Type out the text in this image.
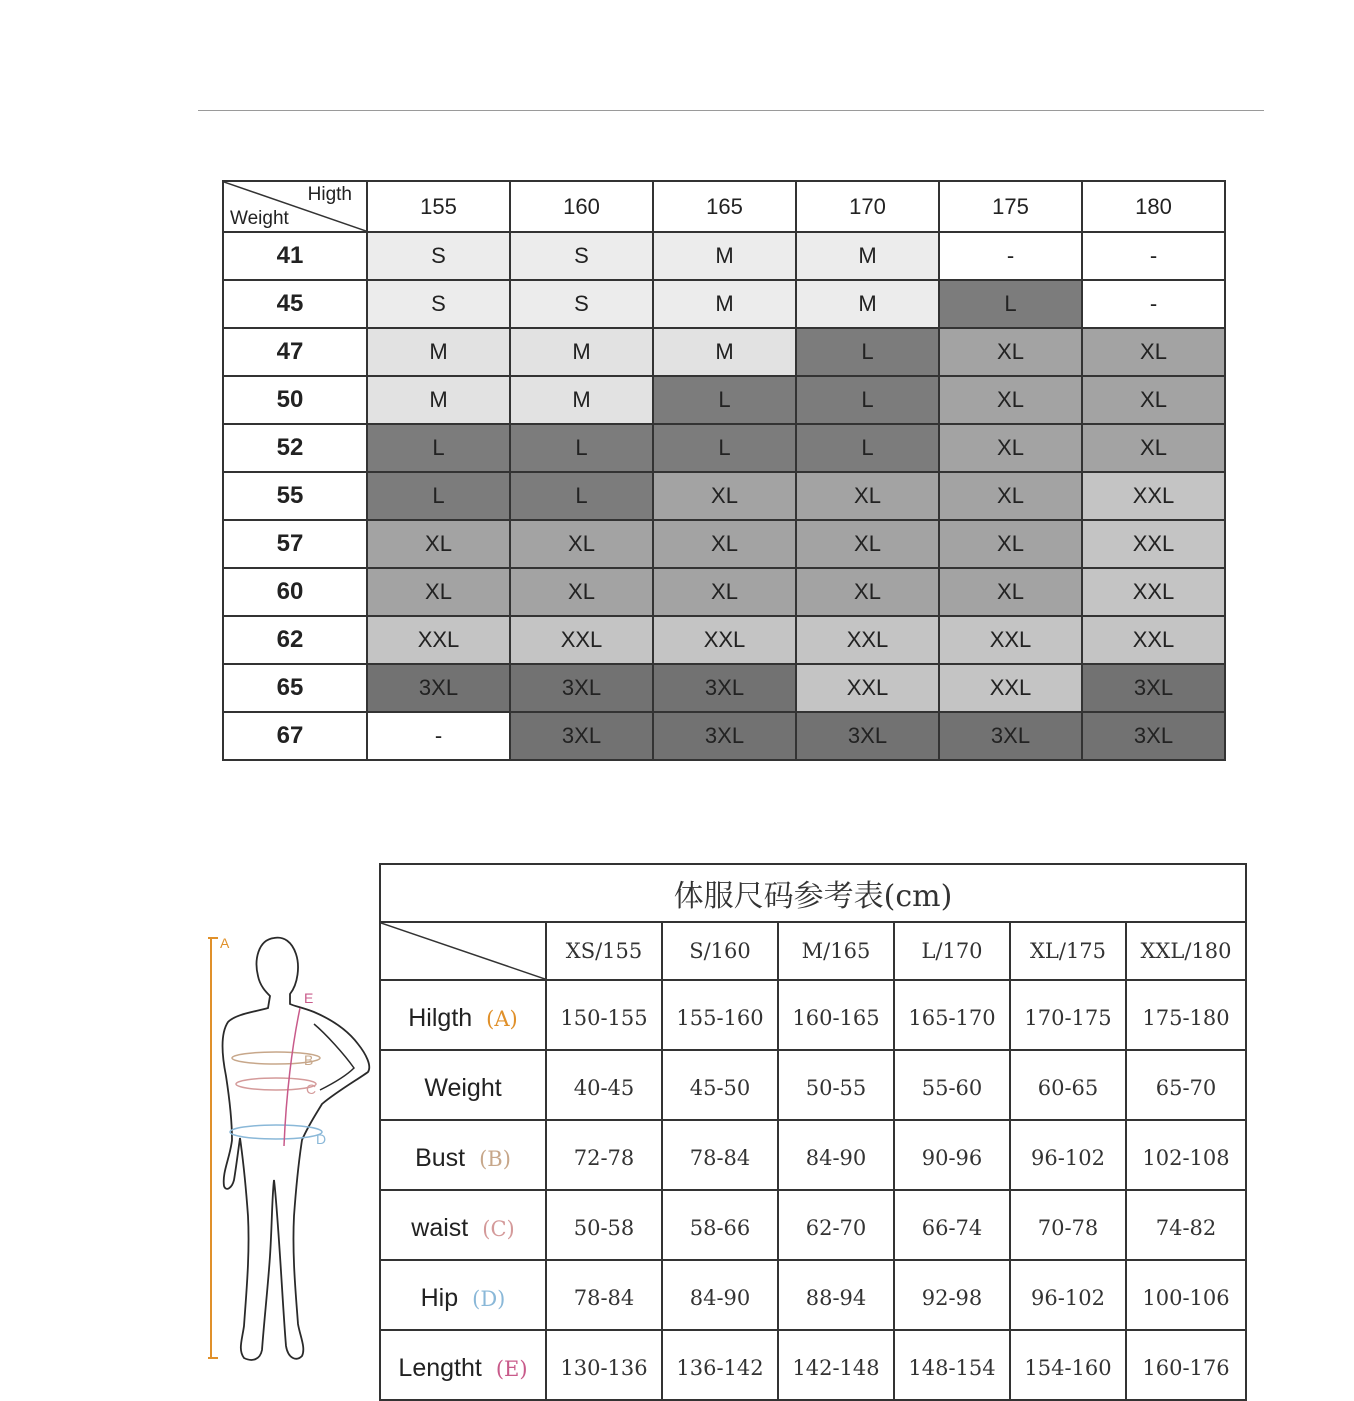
Higth
Weight	155	160	165	170	175	180
41	S	S	M	M	-	-
45	S	S	M	M	L	-
47	M	M	M	L	XL	XL
50	M	M	L	L	XL	XL
52	L	L	L	L	XL	XL
55	L	L	XL	XL	XL	XXL
57	XL	XL	XL	XL	XL	XXL
60	XL	XL	XL	XL	XL	XXL
62	XXL	XXL	XXL	XXL	XXL	XXL
65	3XL	3XL	3XL	XXL	XXL	3XL
67	-	3XL	3XL	3XL	3XL	3XL
A
E
B
C
D
体服尺码参考表(cm)						

	XS/155	S/160	M/165	L/170	XL/175	XXL/180
Hilgth (A)	150-155	155-160	160-165	165-170	170-175	175-180
Weight	40-45	45-50	50-55	55-60	60-65	65-70
Bust (B)	72-78	78-84	84-90	90-96	96-102	102-108
waist (C)	50-58	58-66	62-70	66-74	70-78	74-82
Hip (D)	78-84	84-90	88-94	92-98	96-102	100-106
Lengtht (E)	130-136	136-142	142-148	148-154	154-160	160-176
